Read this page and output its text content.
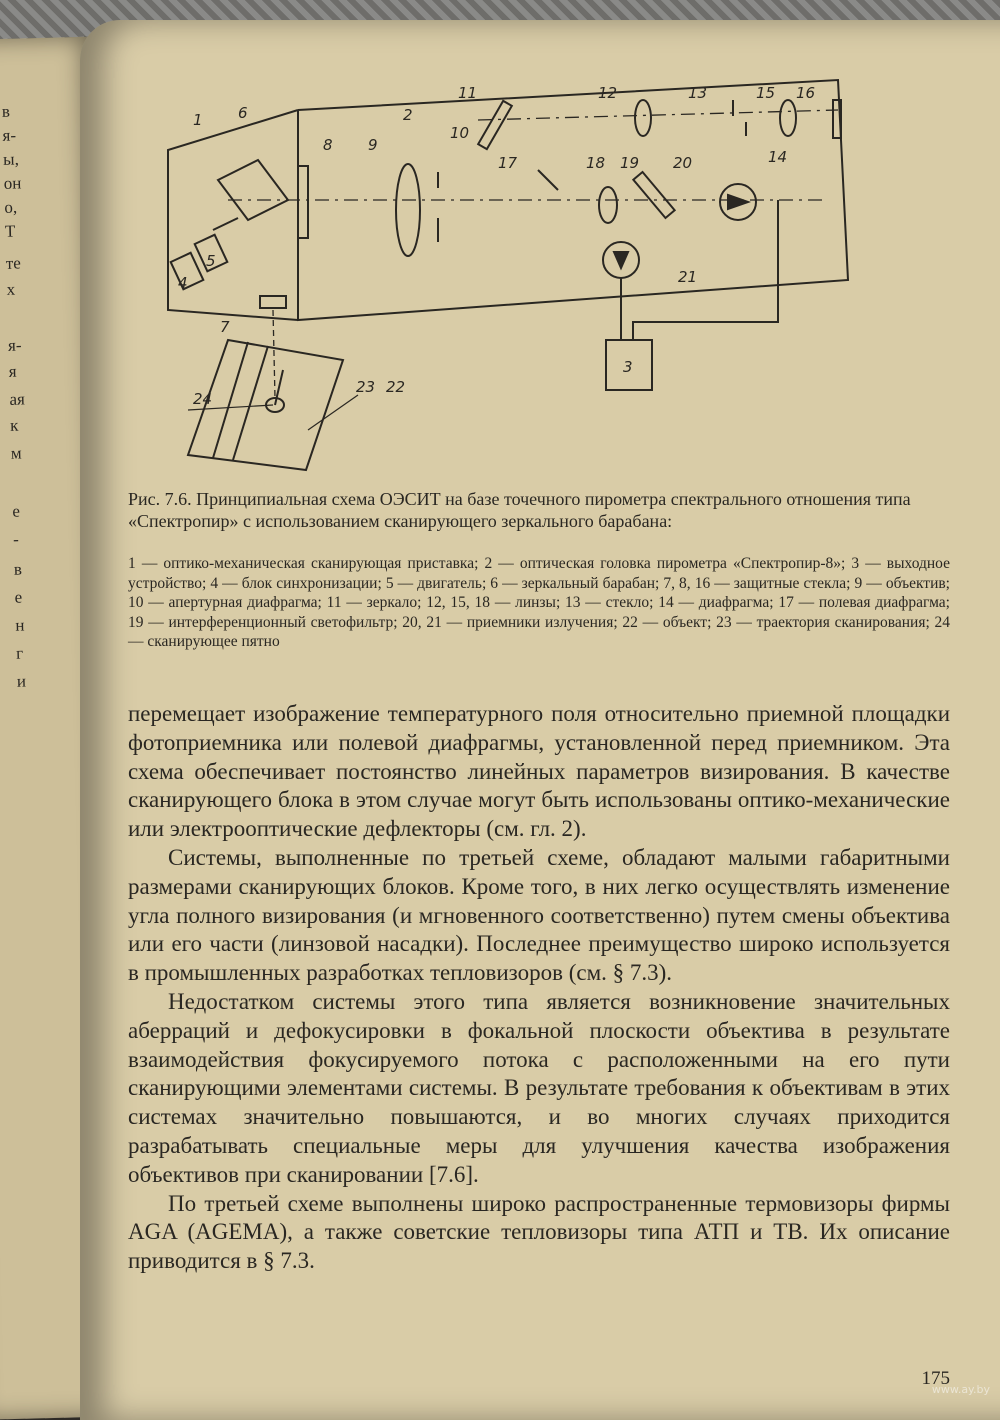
в
я-
ы,
он
о,
Т
те
х
я-
я
ая
к
м
е
-
в
е
н
г
и
1 6	2
8 9
10
11	12	13	15 16
14
17	18 19 20
21
3
7
4
5
22
23
24
Рис. 7.6. Принципиальная схема ОЭСИТ на базе точечного пирометра спектрального отношения типа «Спектропир» с использованием сканирующего зеркального барабана:
1 — оптико-механическая сканирующая приставка; 2 — оптическая головка пирометра «Спектропир-8»; 3 — выходное устройство; 4 — блок синхронизации; 5 — двигатель; 6 — зеркальный барабан; 7, 8, 16 — защитные стекла; 9 — объектив; 10 — апертурная диафрагма; 11 — зеркало; 12, 15, 18 — линзы; 13 — стекло; 14 — диафрагма; 17 — полевая диафрагма; 19 — интерференционный светофильтр; 20, 21 — приемники излучения; 22 — объект; 23 — траектория сканирования; 24 — сканирующее пятно

перемещает изображение температурного поля относительно приемной площадки фотоприемника или полевой диафрагмы, установленной перед приемником. Эта схема обеспечивает постоянство линейных параметров визирования. В качестве сканирующего блока в этом случае могут быть использованы оптико-механические или электрооптические дефлекторы (см. гл. 2).

Системы, выполненные по третьей схеме, обладают малыми габаритными размерами сканирующих блоков. Кроме того, в них легко осуществлять изменение угла полного визирования (и мгновенного соответственно) путем смены объектива или его части (линзовой насадки). Последнее преимущество широко используется в промышленных разработках тепловизоров (см. § 7.3).

Недостатком системы этого типа является возникновение значительных аберраций и дефокусировки в фокальной плоскости объектива в результате взаимодействия фокусируемого потока с расположенными на его пути сканирующими элементами системы. В результате требования к объективам в этих системах значительно повышаются, и во многих случаях приходится разрабатывать специальные меры для улучшения качества изображения объективов при сканировании [7.6].

По третьей схеме выполнены широко распространенные термовизоры фирмы AGA (AGEMA), а также советские тепловизоры типа АТП и ТВ. Их описание приводится в § 7.3.

175
www.ay.by
